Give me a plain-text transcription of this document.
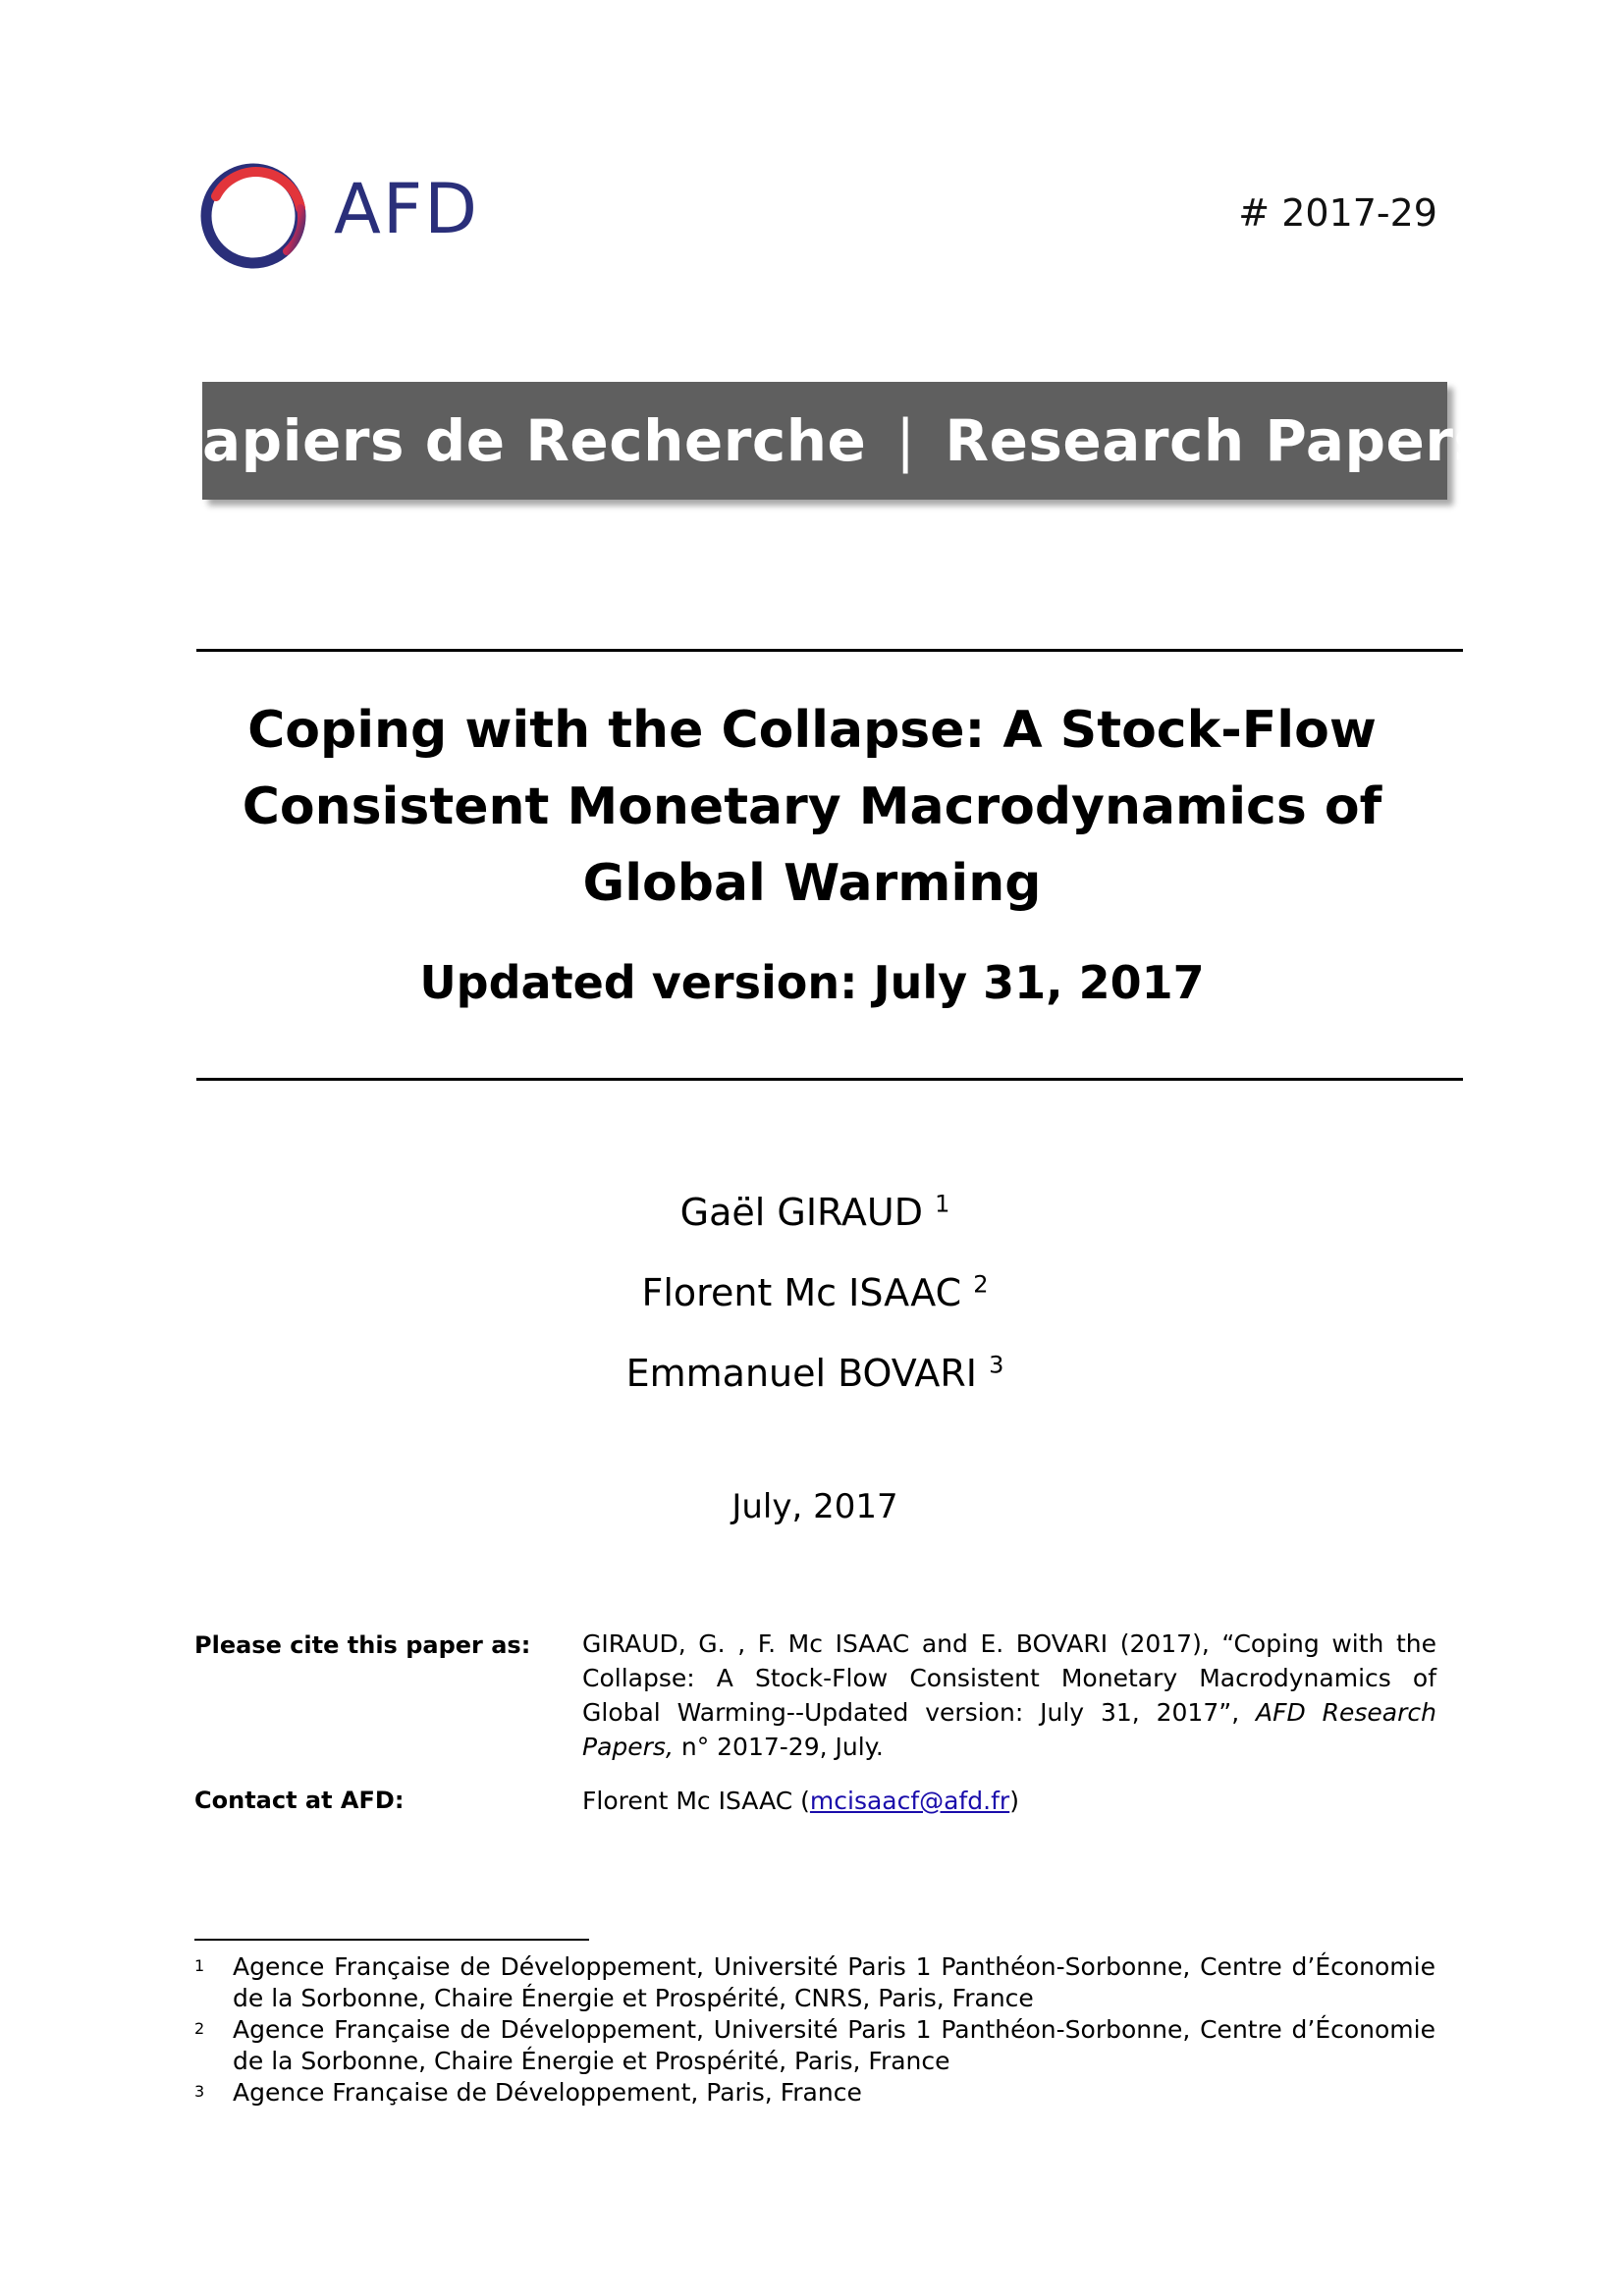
AFD	# 2017-29
Papiers de Recherche | Research Papers
Coping with the Collapse: A Stock-Flow Consistent Monetary Macrodynamics of Global Warming
Updated version: July 31, 2017
Gaël GIRAUD $^1$
Florent Mc ISAAC $^2$
Emmanuel BOVARI $^3$
July, 2017
Please cite this paper as: GIRAUD, G. , F. Mc ISAAC and E. BOVARI (2017), “Coping with the Collapse: A Stock-Flow Consistent Monetary Macrodynamics of Global Warming--Updated version: July 31, 2017”, AFD Research Papers, n° 2017-29, July.
Contact at AFD:	Florent Mc ISAAC (mcisaacf@afd.fr)
1 Agence Française de Développement, Université Paris 1 Panthéon-Sorbonne, Centre d’Économie de la Sorbonne, Chaire Énergie et Prospérité, CNRS, Paris, France
2 Agence Française de Développement, Université Paris 1 Panthéon-Sorbonne, Centre d’Économie de la Sorbonne, Chaire Énergie et Prospérité, Paris, France
3 Agence Française de Développement, Paris, France
